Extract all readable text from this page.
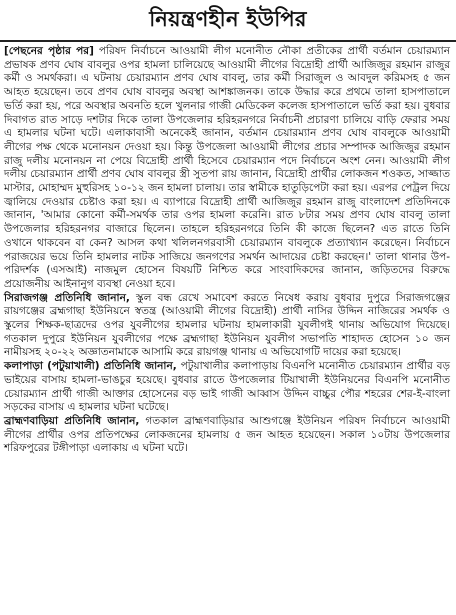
নিয়ন্ত্রণহীন ইউপির

[পেছনের পৃষ্ঠার পর] পরিষদ নির্বাচনে আওয়ামী লীগ মনোনীত নৌকা প্রতীকের প্রার্থী বর্তমান চেয়ারম্যান প্রভাষক প্রণব ঘোষ বাবলুর ওপর হামলা চালিয়েছে আওয়ামী লীগের বিদ্রোহী প্রার্থী আজিজুর রহমান রাজুর কর্মী ও সমর্থকরা। এ ঘটনায় চেয়ারম্যান প্রণব ঘোষ বাবলু, তার কর্মী সিরাজুল ও আবদুল করিমসহ ৫ জন আহত হয়েছেন। তবে প্রণব ঘোষ বাবলুর অবস্থা আশঙ্কাজনক। তাকে উদ্ধার করে প্রথমে তালা হাসপাতালে ভর্তি করা হয়, পরে অবস্থার অবনতি হলে খুলনার গাজী মেডিকেল কলেজ হাসপাতালে ভর্তি করা হয়। বুধবার দিবাগত রাত সাড়ে দশটার দিকে তালা উপজেলার হরিহরনগরে নির্বাচনী প্রচারণা চালিয়ে বাড়ি ফেরার সময় এ হামলার ঘটনা ঘটে। এলাকাবাসী অনেকেই জানান, বর্তমান চেয়ারম্যান প্রণব ঘোষ বাবলুকে আওয়ামী লীগের পক্ষ থেকে মনোনয়ন দেওয়া হয়। কিন্তু উপজেলা আওয়ামী লীগের প্রচার সম্পাদক আজিজুর রহমান রাজু দলীয় মনোনয়ন না পেয়ে বিদ্রোহী প্রার্থী হিসেবে চেয়ারম্যান পদে নির্বাচনে অংশ নেন। আওয়ামী লীগ দলীয় চেয়ারম্যান প্রার্থী প্রণব ঘোষ বাবলুর স্ত্রী সুতপা রায় জানান, বিদ্রোহী প্রার্থীর লোকজন শওকত, সাজ্জাত মাস্টার, মোহাম্মদ মুহুরিসহ ১০-১২ জন হামলা চালায়। তার স্বামীকে হাতুড়িপেটা করা হয়। এরপর পেট্রল দিয়ে জ্বালিয়ে দেওয়ার চেষ্টাও করা হয়। এ ব্যাপারে বিদ্রোহী প্রার্থী আজিজুর রহমান রাজু বাংলাদেশ প্রতিদিনকে জানান, 'আমার কোনো কর্মী-সমর্থক তার ওপর হামলা করেনি। রাত ৮টার সময় প্রণব ঘোষ বাবলু তালা উপজেলার হরিহরনগর বাজারে ছিলেন। তাহলে হরিহরনগরে তিনি কী কাজে ছিলেন? এত রাতে তিনি ওখানে থাকবেন বা কেন? আসল কথা খলিলনগরবাসী চেয়ারম্যান বাবলুকে প্রত্যাখ্যান করেছেন। নির্বাচনে পরাজয়ের ভয়ে তিনি হামলার নাটক সাজিয়ে জনগণের সমর্থন আদায়ের চেষ্টা করছেন।' তালা থানার উপ-পরিদর্শক (এসআই) নাজমুল হোসেন বিষয়টি নিশ্চিত করে সাংবাদিকদের জানান, জড়িতদের বিরুদ্ধে প্রয়োজনীয় আইনানুগ ব্যবস্থা নেওয়া হবে।

সিরাজগঞ্জ প্রতিনিধি জানান, স্কুল বন্ধ রেখে সমাবেশ করতে নিষেধ করায় বুধবার দুপুরে সিরাজগঞ্জের রায়গঞ্জের ব্রহ্মগাছা ইউনিয়নে স্বতন্ত্র (আওয়ামী লীগের বিদ্রোহী) প্রার্থী নাসির উদ্দিন নাজিরের সমর্থক ও স্কুলের শিক্ষক-ছাত্রদের ওপর যুবলীগের হামলার ঘটনায় হামলাকারী যুবলীগই থানায় অভিযোগ দিয়েছে। গতকাল দুপুরে ইউনিয়ন যুবলীগের পক্ষে ব্রহ্মগাছা ইউনিয়ন যুবলীগ সভাপতি শাহাদত হোসেন ১০ জন নামীয়সহ ২০-২২ অজ্ঞাতনামাকে আসামি করে রায়গঞ্জ থানায় এ অভিযোগটি দায়ের করা হয়েছে।

কলাপাড়া (পটুয়াখালী) প্রতিনিধি জানান, পটুয়াখালীর কলাপাড়ায় বিএনপি মনোনীত চেয়ারম্যান প্রার্থীর বড় ভাইয়ের বাসায় হামলা-ভাঙচুর হয়েছে। বুধবার রাতে উপজেলার টিয়াখালী ইউনিয়নের বিএনপি মনোনীত চেয়ারম্যান প্রার্থী গাজী আক্তার হোসেনের বড় ভাই গাজী আব্বাস উদ্দিন বাচ্চুর পৌর শহরের শের-ই-বাংলা সড়কের বাসায় এ হামলার ঘটনা ঘটেছে।

ব্রাহ্মণবাড়িয়া প্রতিনিধি জানান, গতকাল ব্রাহ্মণবাড়িয়ার আশুগঞ্জে ইউনিয়ন পরিষদ নির্বাচনে আওয়ামী লীগের প্রার্থীর ওপর প্রতিপক্ষের লোকজনের হামলায় ৫ জন আহত হয়েছেন। সকাল ১০টায় উপজেলার শরিফপুরের টঙ্গীপাড়া এলাকায় এ ঘটনা ঘটে।
